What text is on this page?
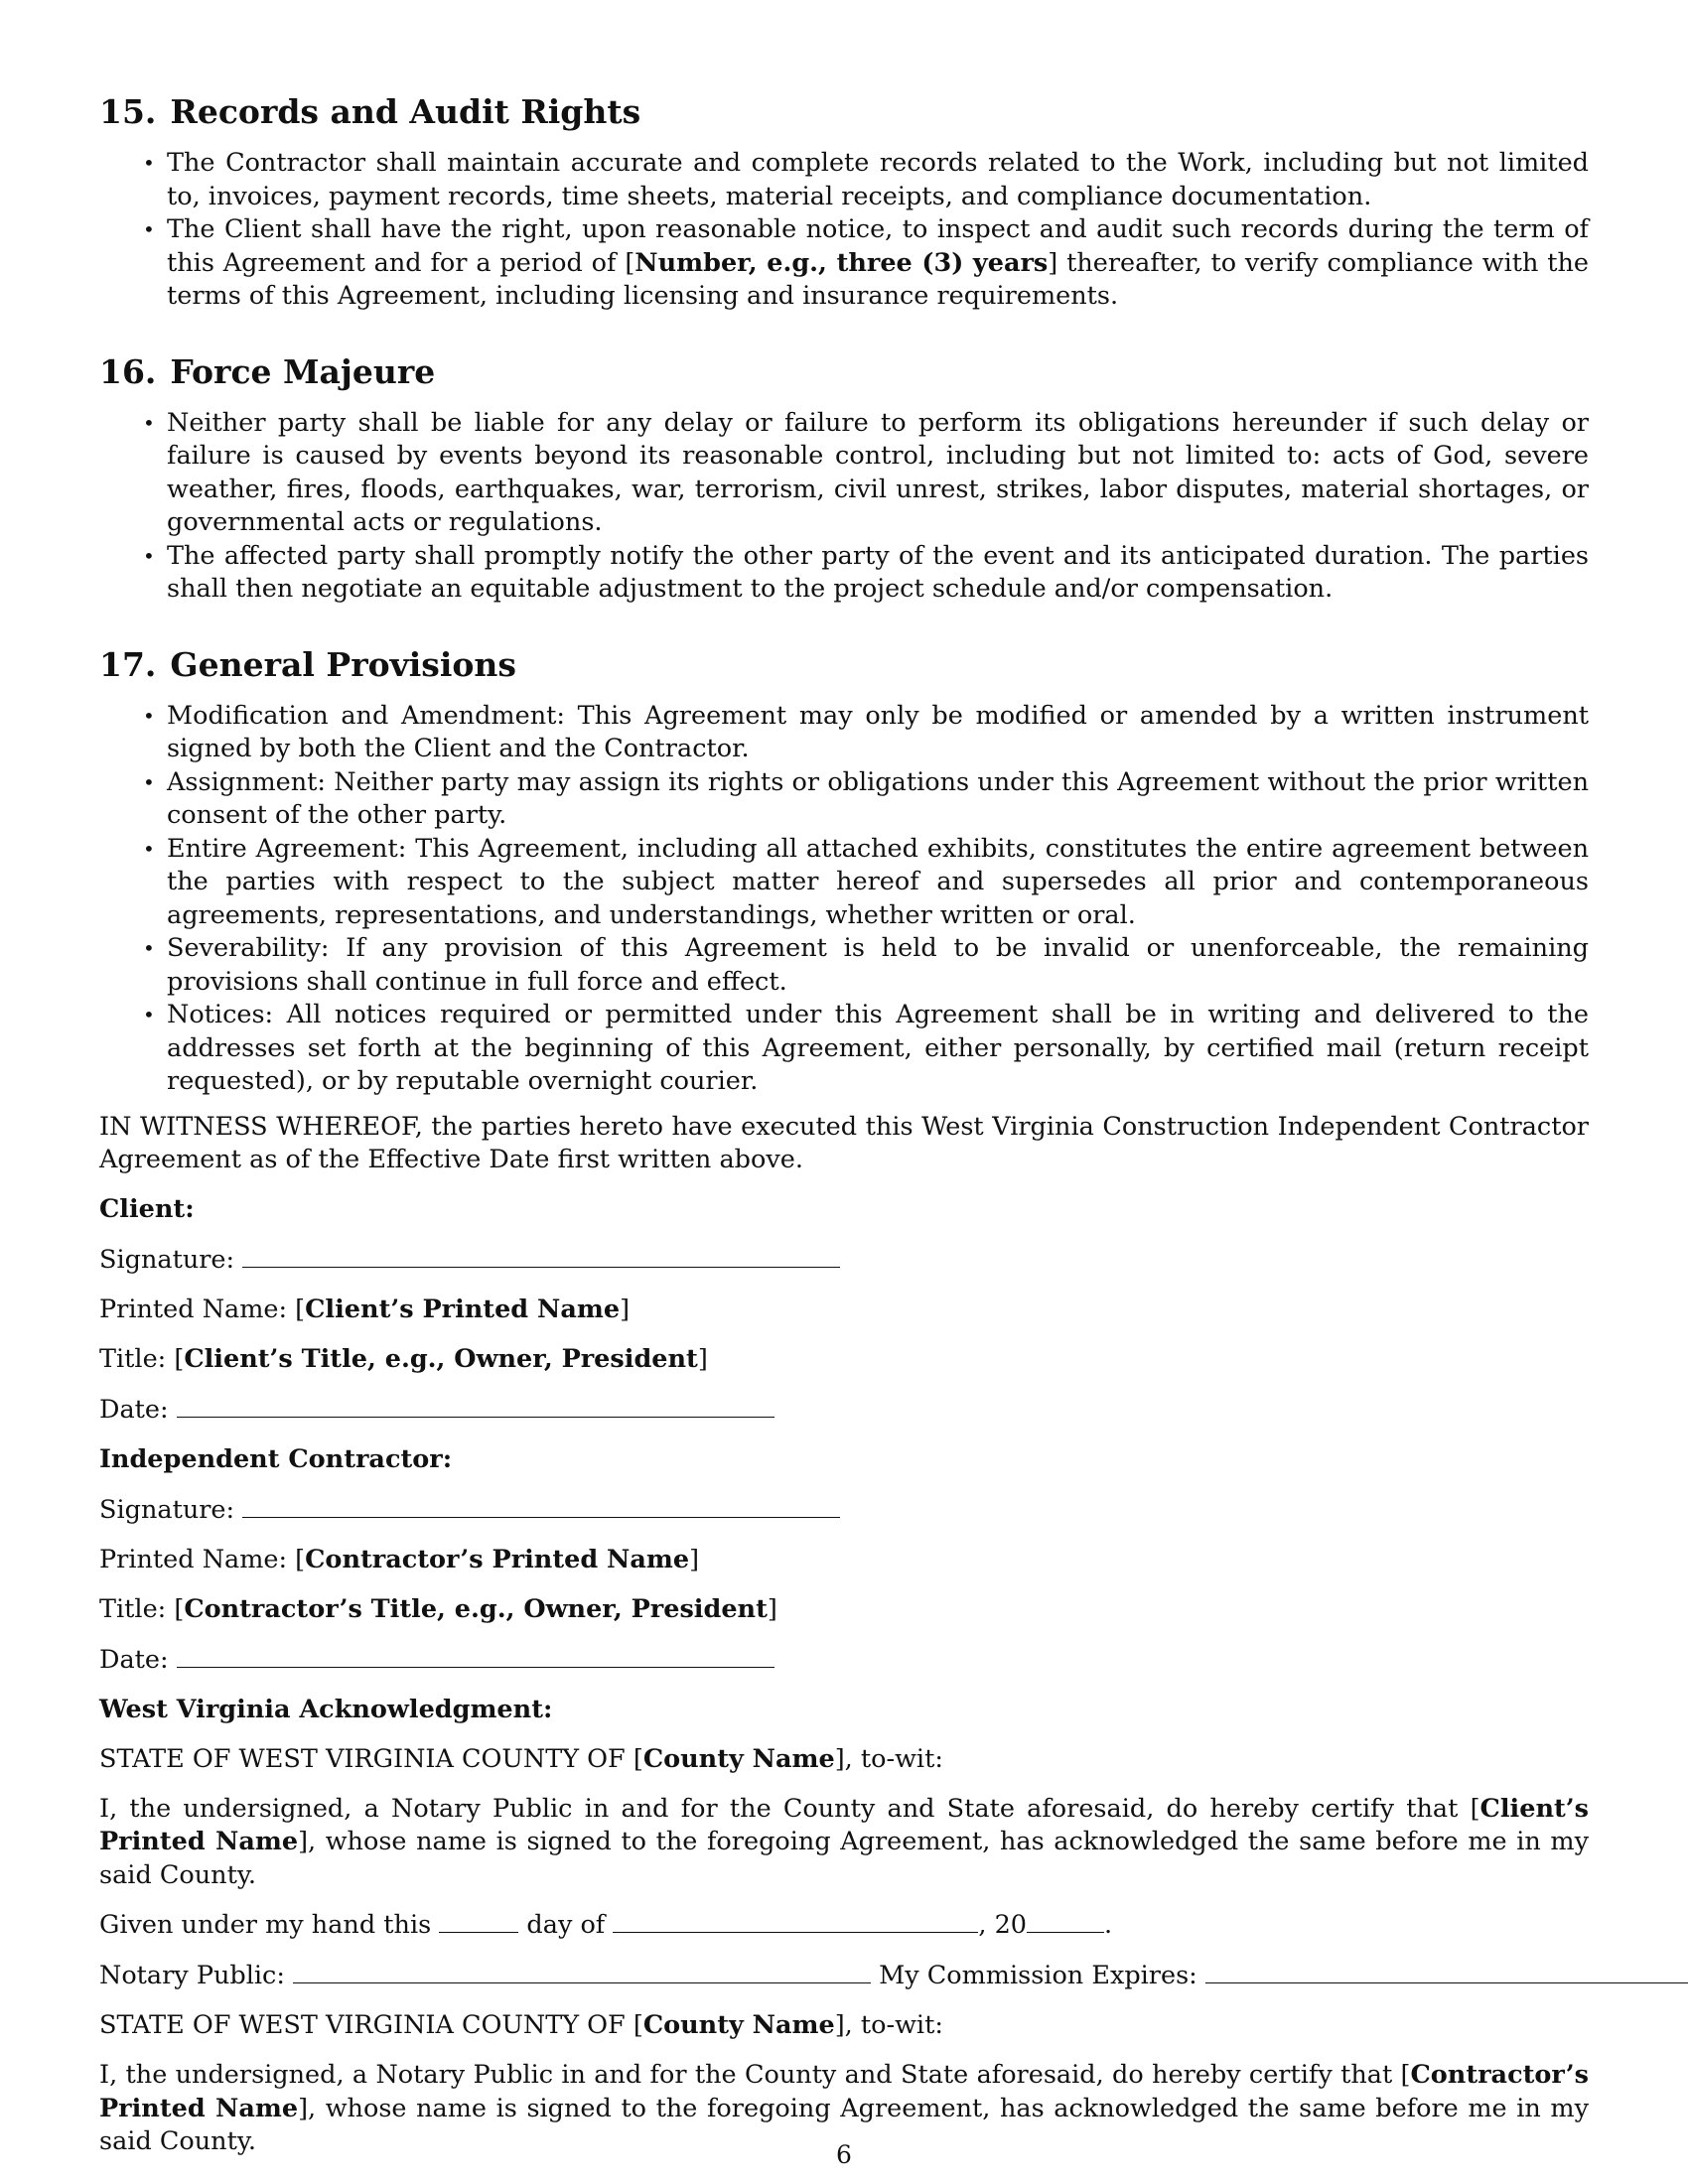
15. Records and Audit Rights
• The Contractor shall maintain accurate and complete records related to the Work, including but not limited to, invoices, payment records, time sheets, material receipts, and compliance documentation.
• The Client shall have the right, upon reasonable notice, to inspect and audit such records during the term of this Agreement and for a period of [Number, e.g., three (3) years] thereafter, to verify compliance with the terms of this Agreement, including licensing and insurance requirements.
16. Force Majeure
• Neither party shall be liable for any delay or failure to perform its obligations hereunder if such delay or failure is caused by events beyond its reasonable control, including but not limited to: acts of God, severe weather, fires, floods, earthquakes, war, terrorism, civil unrest, strikes, labor disputes, material shortages, or governmental acts or regulations.
• The affected party shall promptly notify the other party of the event and its anticipated duration. The parties shall then negotiate an equitable adjustment to the project schedule and/or compensation.
17. General Provisions
• Modification and Amendment: This Agreement may only be modified or amended by a written instrument signed by both the Client and the Contractor.
• Assignment: Neither party may assign its rights or obligations under this Agreement without the prior written consent of the other party.
• Entire Agreement: This Agreement, including all attached exhibits, constitutes the entire agreement between the parties with respect to the subject matter hereof and supersedes all prior and contemporaneous agreements, representations, and understandings, whether written or oral.
• Severability: If any provision of this Agreement is held to be invalid or unenforceable, the remaining provisions shall continue in full force and effect.
• Notices: All notices required or permitted under this Agreement shall be in writing and delivered to the addresses set forth at the beginning of this Agreement, either personally, by certified mail (return receipt requested), or by reputable overnight courier.

IN WITNESS WHEREOF, the parties hereto have executed this West Virginia Construction Independent Contractor Agreement as of the Effective Date first written above.

Client:
Signature:
Printed Name: [Client’s Printed Name]
Title: [Client’s Title, e.g., Owner, President]
Date:
Independent Contractor:
Signature:
Printed Name: [Contractor’s Printed Name]
Title: [Contractor’s Title, e.g., Owner, President]
Date:
West Virginia Acknowledgment:
STATE OF WEST VIRGINIA COUNTY OF [County Name], to-wit:

I, the undersigned, a Notary Public in and for the County and State aforesaid, do hereby certify that [Client’s Printed Name], whose name is signed to the foregoing Agreement, has acknowledged the same before me in my said County.

Given under my hand this	day of	, 20	.
Notary Public:	My Commission Expires:
STATE OF WEST VIRGINIA COUNTY OF [County Name], to-wit:

I, the undersigned, a Notary Public in and for the County and State aforesaid, do hereby certify that [Contractor’s Printed Name], whose name is signed to the foregoing Agreement, has acknowledged the same before me in my said County.	6
